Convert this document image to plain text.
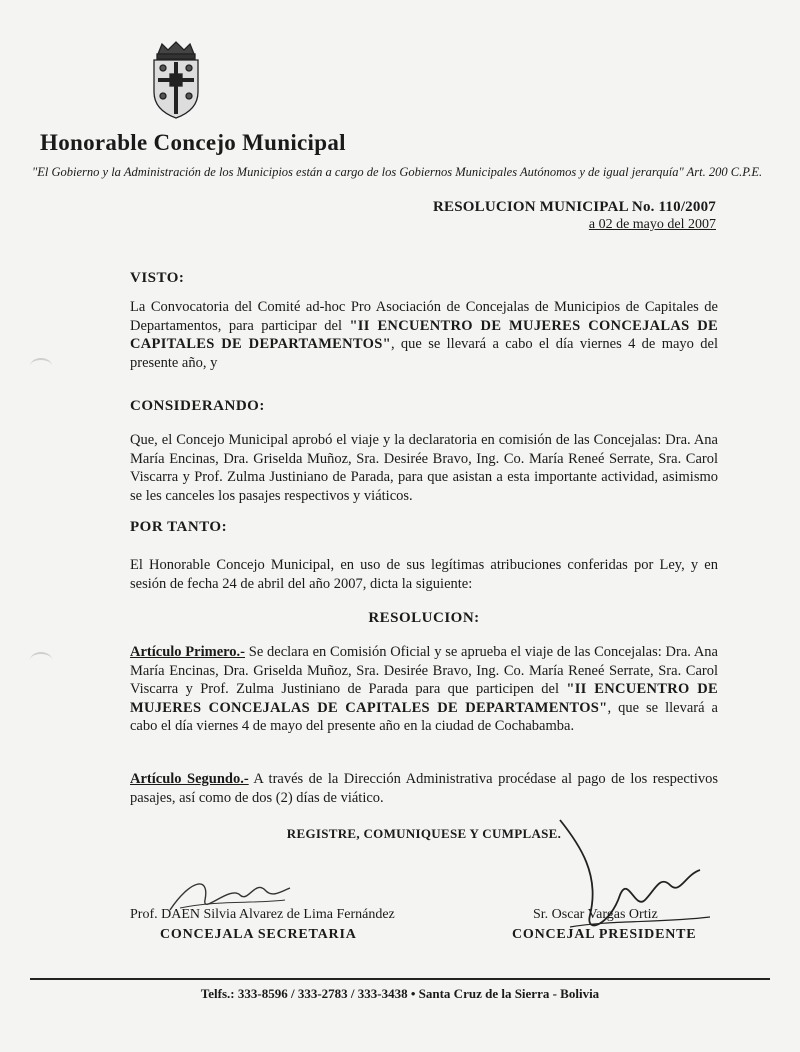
Honorable Concejo Municipal
"El Gobierno y la Administración de los Municipios están a cargo de los Gobiernos Municipales Autónomos y de igual jerarquía" Art. 200 C.P.E.
RESOLUCION MUNICIPAL No. 110/2007
a 02 de mayo del 2007
VISTO:
La Convocatoria del Comité ad-hoc Pro Asociación de Concejalas de Municipios de Capitales de Departamentos, para participar del "II ENCUENTRO DE MUJERES CONCEJALAS DE CAPITALES DE DEPARTAMENTOS", que se llevará a cabo el día viernes 4 de mayo del presente año, y
CONSIDERANDO:
Que, el Concejo Municipal aprobó el viaje y la declaratoria en comisión de las Concejalas: Dra. Ana María Encinas, Dra. Griselda Muñoz, Sra. Desirée Bravo, Ing. Co. María Reneé Serrate, Sra. Carol Viscarra y Prof. Zulma Justiniano de Parada, para que asistan a esta importante actividad, asimismo se les canceles los pasajes respectivos y viáticos.
POR TANTO:
El Honorable Concejo Municipal, en uso de sus legítimas atribuciones conferidas por Ley, y en sesión de fecha 24 de abril del año 2007, dicta la siguiente:
RESOLUCION:
Artículo Primero.- Se declara en Comisión Oficial y se aprueba el viaje de las Concejalas: Dra. Ana María Encinas, Dra. Griselda Muñoz, Sra. Desirée Bravo, Ing. Co. María Reneé Serrate, Sra. Carol Viscarra y Prof. Zulma Justiniano de Parada para que participen del "II ENCUENTRO DE MUJERES CONCEJALAS DE CAPITALES DE DEPARTAMENTOS", que se llevará a cabo el día viernes 4 de mayo del presente año en la ciudad de Cochabamba.
Artículo Segundo.- A través de la Dirección Administrativa procédase al pago de los respectivos pasajes, así como de dos (2) días de viático.
REGISTRE, COMUNIQUESE Y CUMPLASE.
Prof. DAEN Silvia Alvarez de Lima Fernández
CONCEJALA SECRETARIA
Sr. Oscar Vargas Ortiz
CONCEJAL PRESIDENTE
Telfs.: 333-8596 / 333-2783 / 333-3438 • Santa Cruz de la Sierra - Bolivia
